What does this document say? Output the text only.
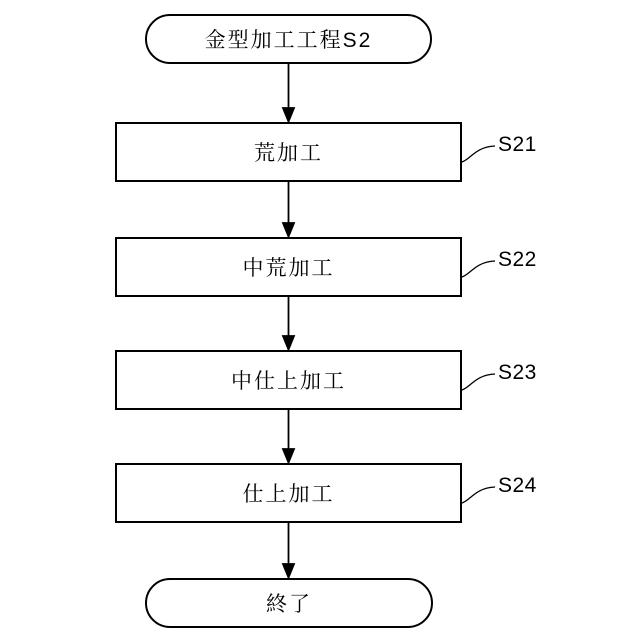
金型加工工程S2
荒加工
中荒加工
中仕上加工
仕上加工
S21
S22
S23
S24
終了
